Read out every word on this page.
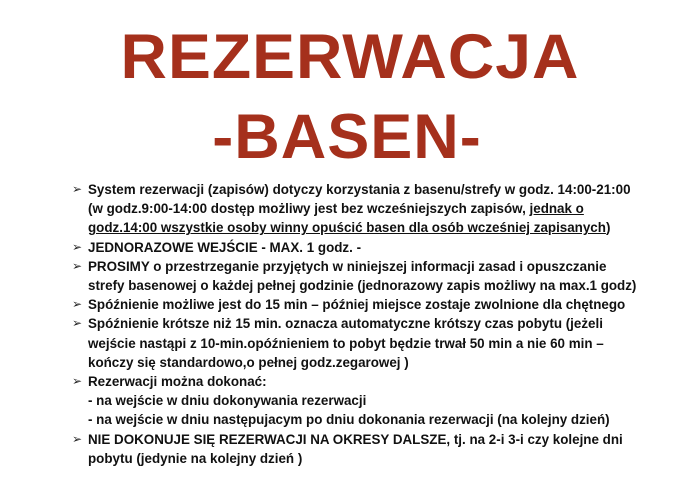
REZERWACJA
-BASEN-
➢ System rezerwacji (zapisów) dotyczy korzystania z basenu/strefy w godz. 14:00-21:00
(w godz.9:00-14:00 dostęp możliwy jest bez wcześniejszych zapisów, jednak o
godz.14:00 wszystkie osoby winny opuścić basen dla osób wcześniej zapisanych)
➢ JEDNORAZOWE WEJŚCIE - MAX. 1 godz. -
➢ PROSIMY o przestrzeganie przyjętych w niniejszej informacji zasad i opuszczanie
strefy basenowej o każdej pełnej godzinie (jednorazowy zapis możliwy na max.1 godz)
➢ Spóźnienie możliwe jest do 15 min – później miejsce zostaje zwolnione dla chętnego
➢ Spóźnienie krótsze niż 15 min. oznacza automatyczne krótszy czas pobytu (jeżeli
wejście nastąpi z 10-min.opóźnieniem to pobyt będzie trwał 50 min a nie 60 min –
kończy się standardowo,o pełnej godz.zegarowej )
➢ Rezerwacji można dokonać:
- na wejście w dniu dokonywania rezerwacji
- na wejście w dniu następujacym po dniu dokonania rezerwacji (na kolejny dzień)
➢ NIE DOKONUJE SIĘ REZERWACJI NA OKRESY DALSZE, tj. na 2-i 3-i czy kolejne dni
pobytu (jedynie na kolejny dzień )
